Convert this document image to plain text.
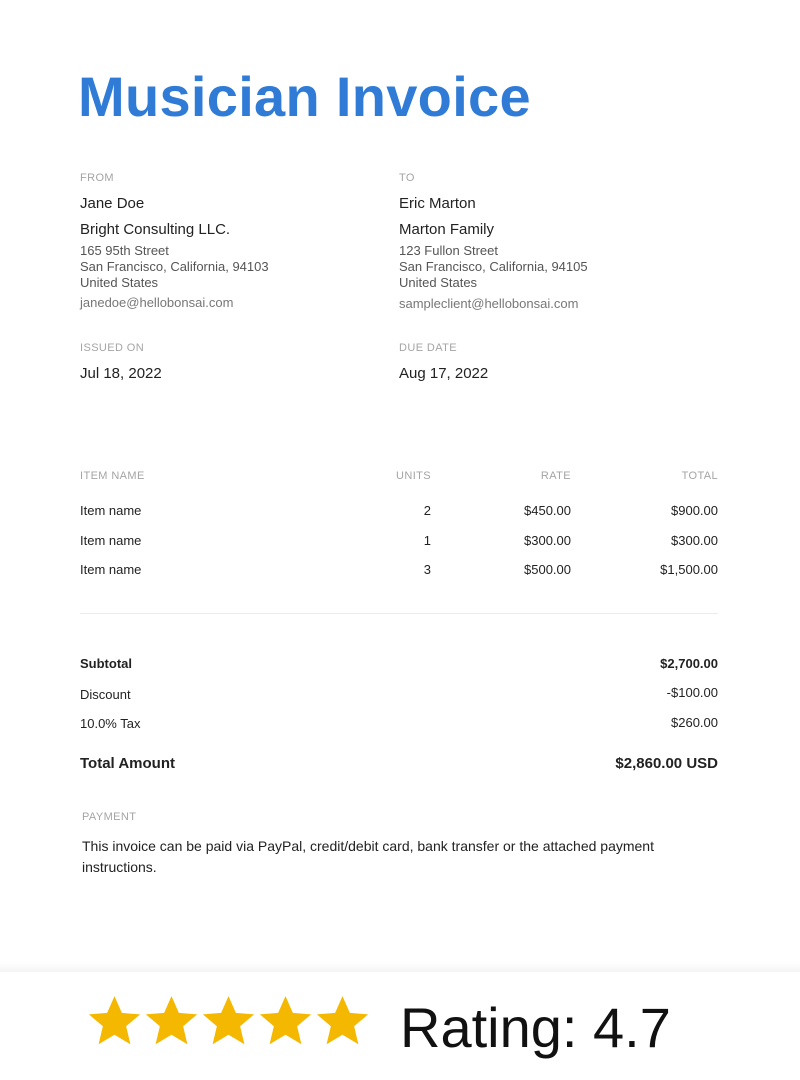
Musician Invoice
FROM
Jane Doe
Bright Consulting LLC.
165 95th Street
San Francisco, California, 94103
United States
janedoe@hellobonsai.com
TO
Eric Marton
Marton Family
123 Fullon Street
San Francisco, California, 94105
United States
sampleclient@hellobonsai.com
ISSUED ON
Jul 18, 2022
DUE DATE
Aug 17, 2022
ITEM NAME	UNITS	RATE	TOTAL
Item name	2	$450.00	$900.00
Item name	1	$300.00	$300.00
Item name	3	$500.00	$1,500.00
Subtotal	$2,700.00
Discount	-$100.00
10.0% Tax	$260.00
Total Amount	$2,860.00 USD
PAYMENT
This invoice can be paid via PayPal, credit/debit card, bank transfer or the attached payment instructions.
Rating: 4.7
